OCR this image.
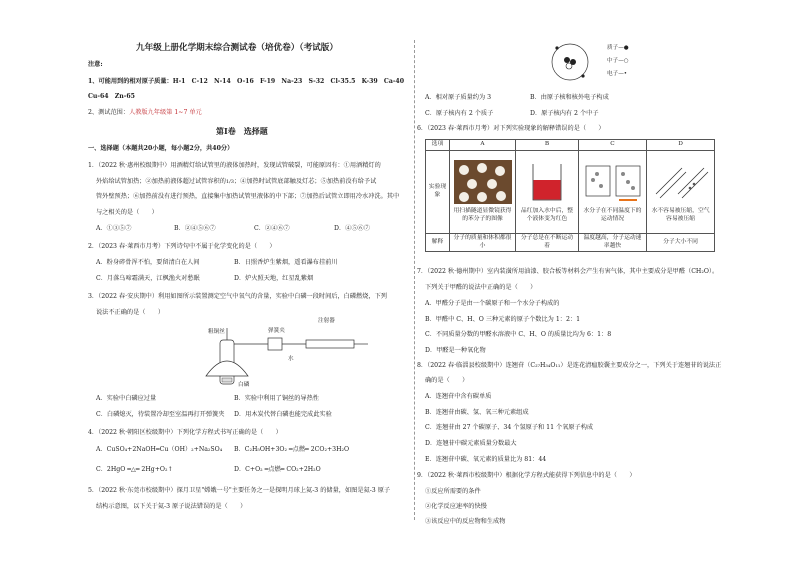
九年级上册化学期末综合测试卷（培优卷）（考试版）
注意:
1、可能用到的相对原子质量：H-1　C-12　N-14　O-16　F-19　Na-23　S-32　Cl-35.5　K-39　Ca-40
Cu-64　Zn-65
2、测试范围：人教版九年级第 1~7 单元
第Ⅰ卷　选择题
一、选择题（本题共20小题，每小题2分，共40分）
1．（2022 秋·惠州校级期中）用酒精灯给试管里的液体加热时，发现试管破裂，可能原因有：①用酒精灯的
外焰给试管加热；②加热前液体超过试管容积的1/3；④加热时试管底部触及灯芯；⑤加热前没有给予试
管外壁预热；⑥加热前没有进行预热，直接集中加热试管里液体的中下部；⑦加热后试管立即用冷水冲洗。其中
与之相关的是（　　）
A．①③⑤⑦	B．②④⑤⑥⑦	C．②④⑥⑦	D．④⑤⑥⑦
2．（2023 春·莱西市月考）下列诗句中不属于化学变化的是（　　）
A．粉身碎骨浑不怕，要留清白在人间	B．日照香炉生紫烟，遥看瀑布挂前川
C．月落乌啼霜满天，江枫渔火对愁眠	D．炉火照天地，红星乱紫烟
3．（2022 春·安庆期中）利用如图所示装置测定空气中氧气的含量，实验中白磷一段时间后，白磷燃烧，下列
说法不正确的是（　　）
粗铜丝	弹簧夹
注射器
水
白磷
A．实验中白磷应过量	B．实验中利用了铜丝的导热性
C．白磷熄灭，待装置冷却至室温再打开弹簧夹 D．用木炭代替白磷也能完成此实验
4．（2022 秋·朝阳区校级期中）下列化学方程式书写正确的是（　　）
A．CuSO₄+2NaOH═Cu（OH）₂+Na₂SO₄ B．C₂H₅OH+3O₂ ═点燃═ 2CO₂+3H₂O
C．2HgO ═△═ 2Hg+O₂↑	D．C+O₂ ═点燃═ CO₂+2H₂O
5．（2022 秋·东莞市校级期中）探月卫星"嫦娥一号"主要任务之一是探明月球上氦-3 的储量，如图是氦-3 原子
结构示意图，以下关于氦-3 原子说法错误的是（　　）
质子—●
中子—○
电子—•
A．相对原子质量约为 3	B．由原子核和核外电子构成
C．原子核内有 2 个质子	D．原子核内有 2 个中子
6．（2023 春·莱西市月考）对下列实验现象的解释错误的是（　　）
选项	A	B	C	D
实验现象	用扫描隧道显微镜获得的苯分子的图像	品红加入水中后，整个液体变为红色	水分子在不同温度下的运动情况	水不容易被压缩，空气容易被压缩

解释	分子的质量和体积都很小	分子总是在不断运动着	温度越高，分子运动速率越快	分子大小不同
7．（2022 秋·德州期中）室内装潢所用油漆、胶合板等材料会产生有害气体，其中主要成分是甲醛（CH₂O）。
下列关于甲醛的说法中正确的是（　　）
A．甲醛分子是由一个碳原子和一个水分子构成的
B．甲醛中 C、H、O 三种元素的原子个数比为 1：2：1
C．不同质量分数的甲醛水溶液中 C、H、O 的质量比均为 6：1：8
D．甲醛是一种氧化物
8．（2022 春·临淄县校级期中）连翘苷（C₂₇H₃₄O₁₁）是连花清瘟胶囊主要成分之一，下列关于连翘苷的说法正
确的是（　　）
A．连翘苷中含有碳单质
B．连翘苷由碳、氢、氧三种元素组成
C．连翘苷由 27 个碳原子、34 个氢原子和 11 个氧原子构成
D．连翘苷中碳元素质量分数最大
E．连翘苷中碳、氧元素的质量比为 81：44
9．（2022 秋·莱西市校级期中）根据化学方程式能获得下列信息中的是（　　）
①反应所需要的条件
②化学反应速率的快慢
③该反应中的反应物和生成物
